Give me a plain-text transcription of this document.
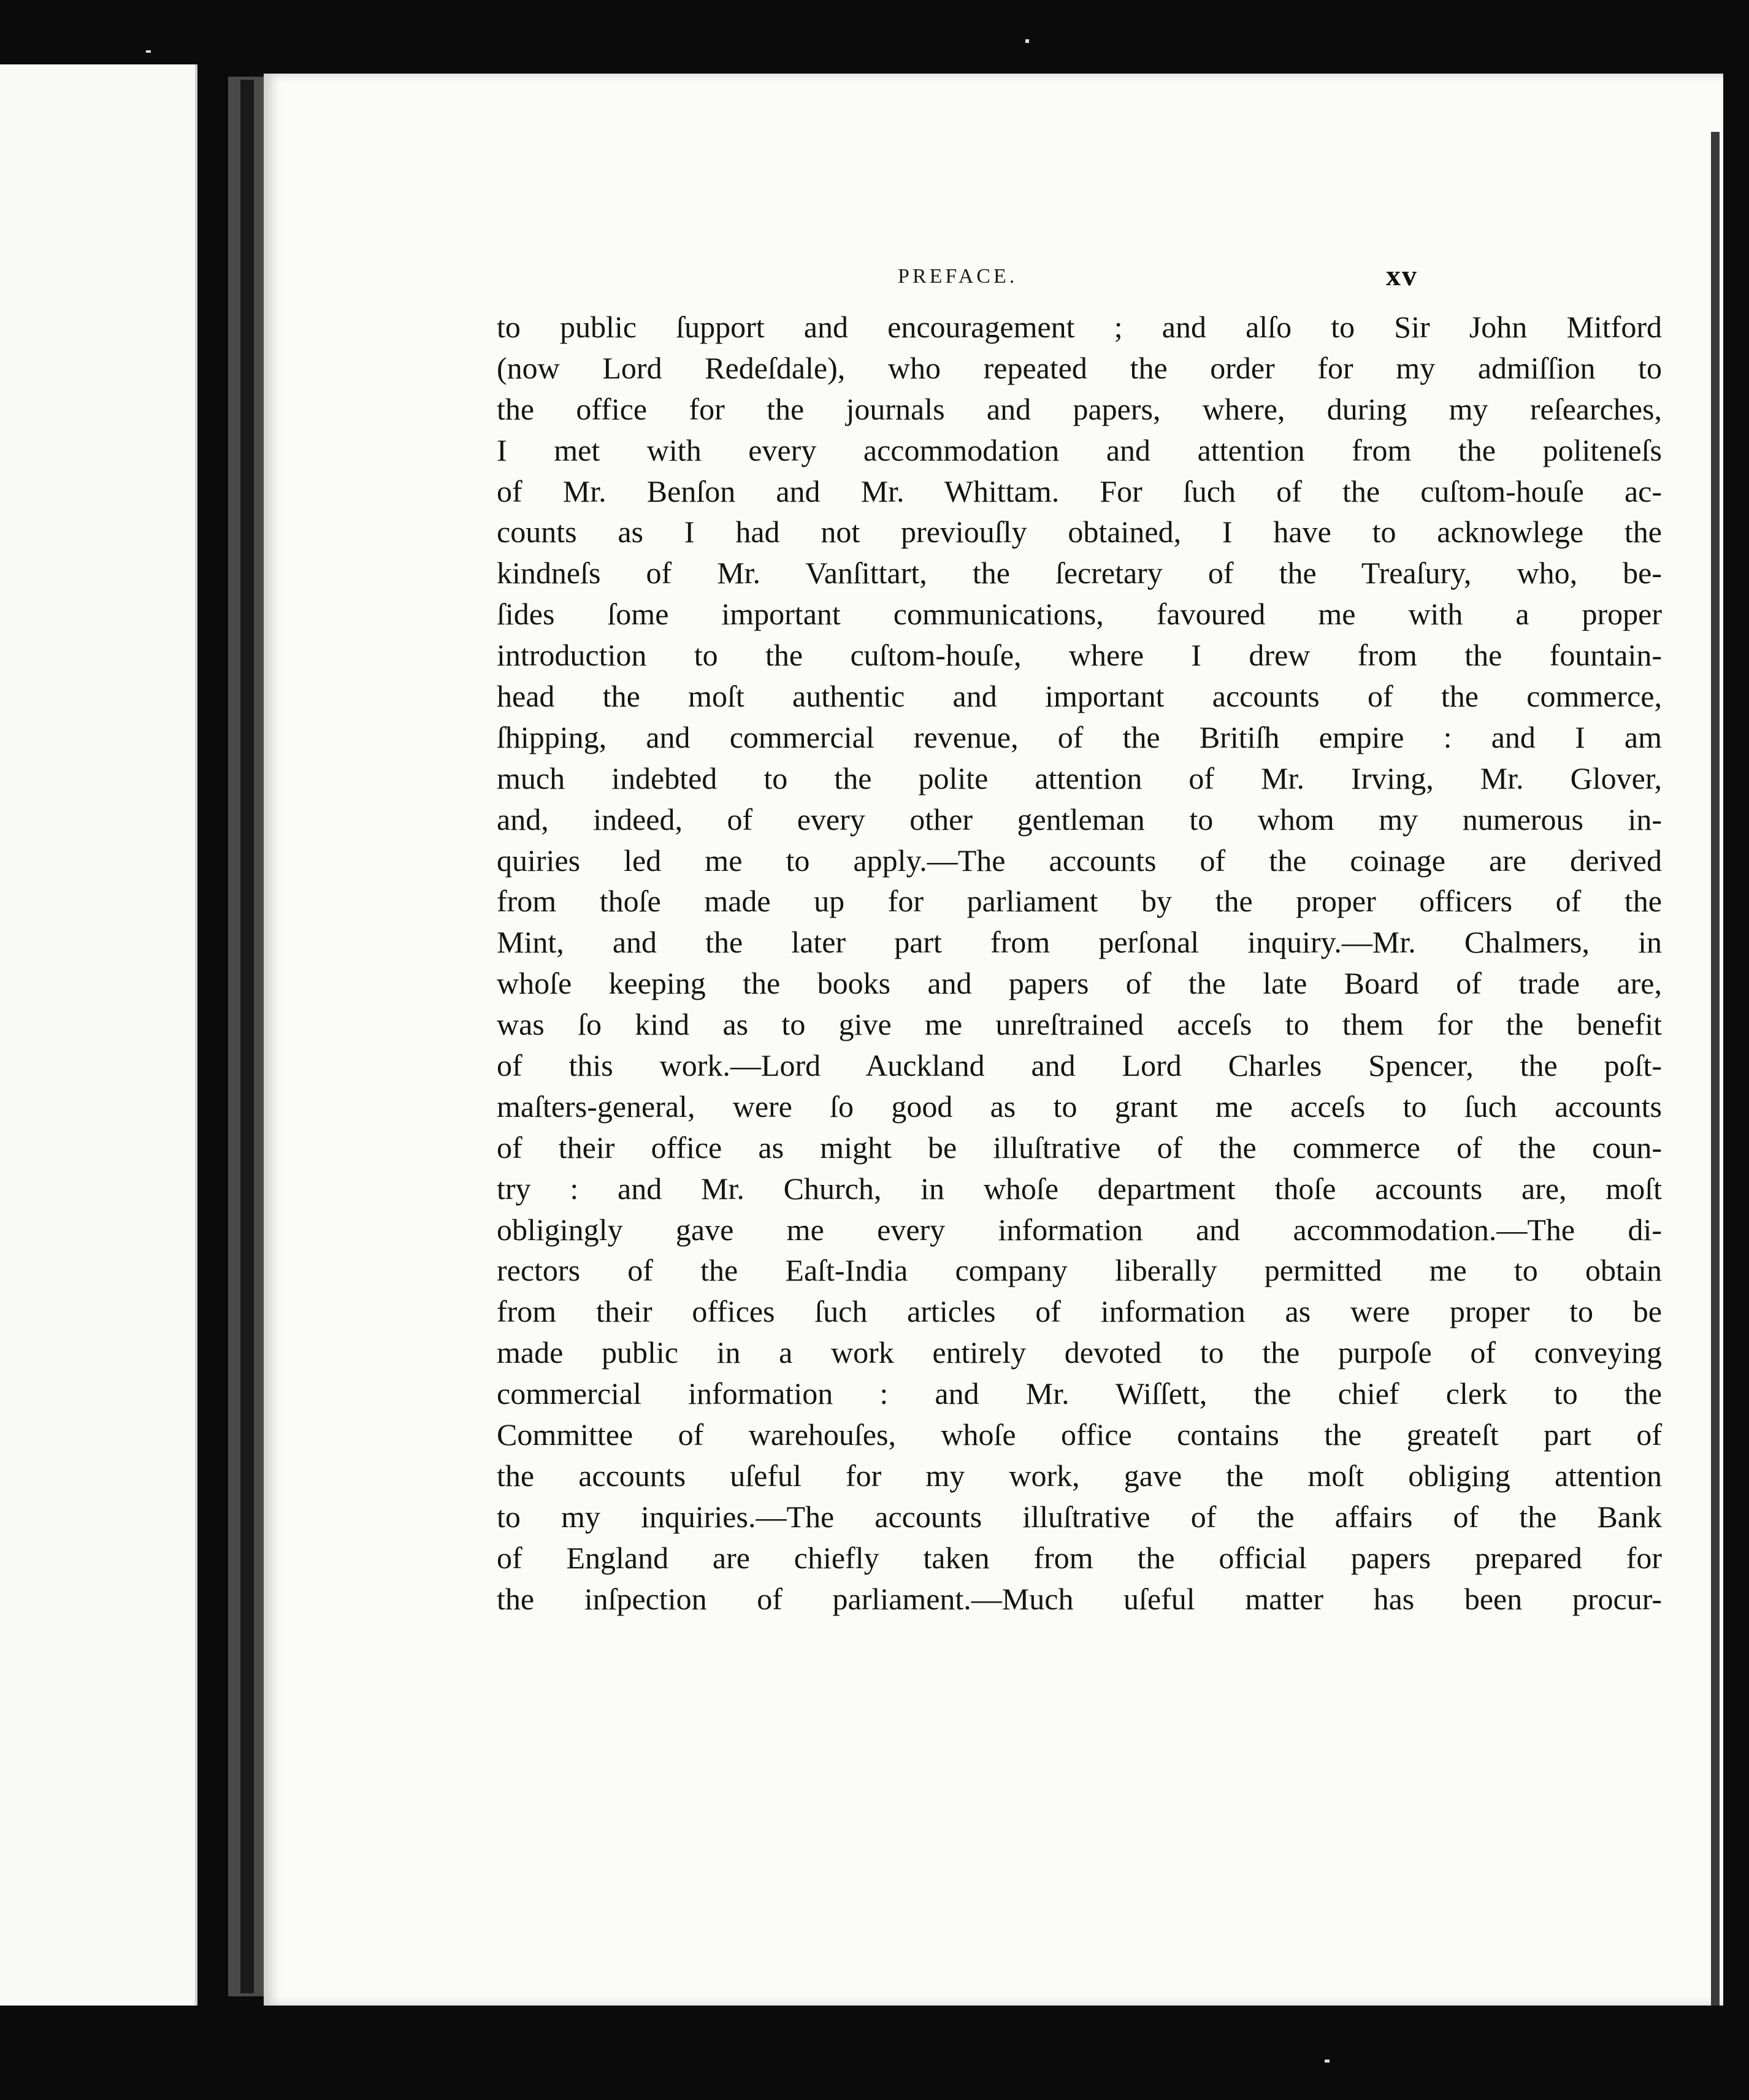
PREFACE.	xv
to public ſupport and encouragement ; and alſo to Sir John Mitford
(now Lord Redeſdale), who repeated the order for my admiſſion to
the office for the journals and papers, where, during my reſearches,
I met with every accommodation and attention from the politeneſs
of Mr. Benſon and Mr. Whittam. For ſuch of the cuſtom-houſe ac-
counts as I had not previouſly obtained, I have to acknowlege the
kindneſs of Mr. Vanſittart, the ſecretary of the Treaſury, who, be-
ſides ſome important communications, favoured me with a proper
introduction to the cuſtom-houſe, where I drew from the fountain-
head the moſt authentic and important accounts of the commerce,
ſhipping, and commercial revenue, of the Britiſh empire : and I am
much indebted to the polite attention of Mr. Irving, Mr. Glover,
and, indeed, of every other gentleman to whom my numerous in-
quiries led me to apply.—The accounts of the coinage are derived
from thoſe made up for parliament by the proper officers of the
Mint, and the later part from perſonal inquiry.—Mr. Chalmers, in
whoſe keeping the books and papers of the late Board of trade are,
was ſo kind as to give me unreſtrained acceſs to them for the benefit
of this work.—Lord Auckland and Lord Charles Spencer, the poſt-
maſters-general, were ſo good as to grant me acceſs to ſuch accounts
of their office as might be illuſtrative of the commerce of the coun-
try : and Mr. Church, in whoſe department thoſe accounts are, moſt
obligingly gave me every information and accommodation.—The di-
rectors of the Eaſt-India company liberally permitted me to obtain
from their offices ſuch articles of information as were proper to be
made public in a work entirely devoted to the purpoſe of conveying
commercial information : and Mr. Wiſſett, the chief clerk to the
Committee of warehouſes, whoſe office contains the greateſt part of
the accounts uſeful for my work, gave the moſt obliging attention
to my inquiries.—The accounts illuſtrative of the affairs of the Bank
of England are chiefly taken from the official papers prepared for
the inſpection of parliament.—Much uſeful matter has been procur-
